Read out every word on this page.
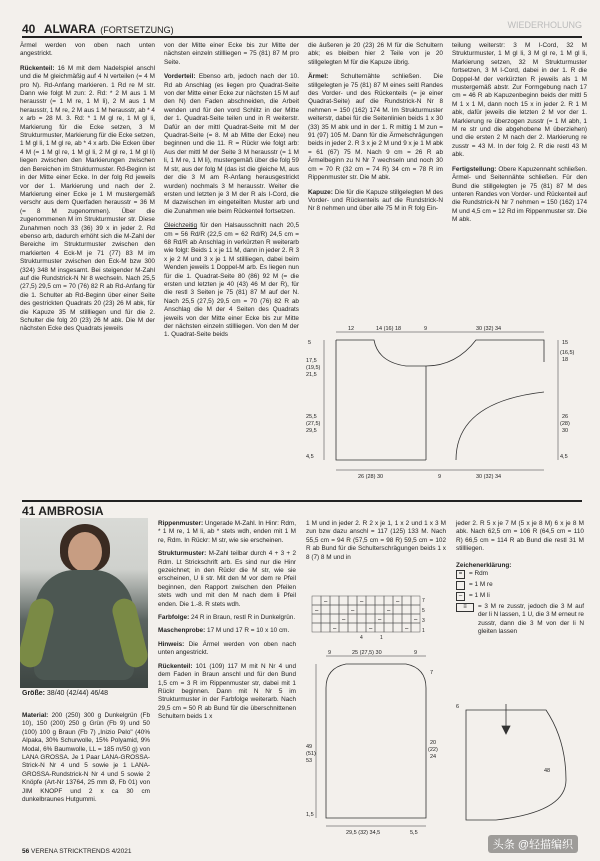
40 ALWARA (FORTSETZUNG)	WIEDERHOLUNG

Ärmel werden von oben nach unten angestrickt.

Rückenteil: 16 M mit dem Nadelspiel anschl und die M gleichmäßig auf 4 N verteilen (= 4 M pro N). Rd-Anfang markieren. 1 Rd re M str. Dann wie folgt M zun: 2. Rd: * 2 M aus 1 M herausstr (= 1 M re, 1 M li), 2 M aus 1 M herausstr, 1 M re, 2 M aus 1 M herausstr, ab * 4 x arb = 28 M. 3. Rd: * 1 M gl re, 1 M gl li, Markierung für die Ecke setzen, 3 M Strukturmuster, Markierung für die Ecke setzen, 1 M gl li, 1 M gl re, ab * 4 x arb. Die Ecken über 4 M (= 1 M gl re, 1 M gl li, 2 M gl re, 1 M gl li) liegen zwischen den Markierungen zwischen den Bereichen im Strukturmuster. Rd-Beginn ist in der Mitte einer Ecke. In der folg Rd jeweils vor der 1. Markierung und nach der 2. Markierung einer Ecke je 1 M mustergemäß verschr aus dem Querfaden herausstr = 36 M (= 8 M zugenommen). Über die zugenommenen M im Strukturmuster str. Diese Zunahmen noch 33 (36) 39 x in jeder 2. Rd ebenso arb, dadurch erhöht sich die M-Zahl der Bereiche im Strukturmuster zwischen den markierten 4 Eck-M je 71 (77) 83 M im Strukturmuster zwischen den Eck-M bzw 300 (324) 348 M insgesamt. Bei steigender M-Zahl auf die Rundstrick-N Nr 8 wechseln. Nach 25,5 (27,5) 29,5 cm = 70 (76) 82 R ab Rd-Anfang für die 1. Schulter ab Rd-Beginn über einer Seite des gestrickten Quadrats 20 (23) 26 M abk, für die Kapuze 35 M stillliegen und für die 2. Schulter die folg 20 (23) 26 M abk. Die M der nächsten Ecke des Quadrats jeweils

von der Mitte einer Ecke bis zur Mitte der nächsten einzeln stillliegen = 75 (81) 87 M pro Seite.

Vorderteil: Ebenso arb, jedoch nach der 10. Rd ab Anschlag (es liegen pro Quadrat-Seite von der Mitte einer Ecke zur nächsten 15 M auf den N) den Faden abschneiden, die Arbeit wenden und für den vord Schlitz in der Mitte der 1. Quadrat-Seite teilen und in R weiterstr. Dafür an der mittl Quadrat-Seite mit M der Quadrat-Seite (= 8. M ab Mitte der Ecke) neu beginnen und die 11. R = Rückr wie folgt arb: Aus der mittl M der Seite 3 M herausstr (= 1 M li, 1 M re, 1 M li), mustergemäß über die folg 59 M str, aus der folg M (das ist die gleiche M, aus der die 3 M am R-Anfang herausgestrickt wurden) nochmals 3 M herausstr. Weiter die ersten und letzten je 3 M der R als I-Cord, die M dazwischen im eingeteilten Muster arb und die Zunahmen wie beim Rückenteil fortsetzen.

Gleichzeitig für den Halsausschnitt nach 20,5 cm = 56 Rd/R (22,5 cm = 62 Rd/R) 24,5 cm = 68 Rd/R ab Anschlag in verkürzten R weiterarb wie folgt: Beids 1 x je 11 M, dann in jeder 2. R 3 x je 2 M und 3 x je 1 M stillliegen, dabei beim Wenden jeweils 1 Doppel-M arb. Es liegen nun für die 1. Quadrat-Seite 80 (86) 92 M (= die ersten und letzten je 40 (43) 46 M der R), für die restl 3 Seiten je 75 (81) 87 M auf der N. Nach 25,5 (27,5) 29,5 cm = 70 (76) 82 R ab Anschlag die M der 4 Seiten des Quadrats jeweils von der Mitte einer Ecke bis zur Mitte der nächsten einzeln stillliegen. Von den M der 1. Quadrat-Seite beids

die äußeren je 20 (23) 26 M für die Schultern abk; es bleiben hier 2 Teile von je 20 stillgelegten M für die Kapuze übrig.

Ärmel: Schulternähte schließen. Die stillgelegten je 75 (81) 87 M eines seitl Randes des Vorder- und des Rückenteils (= je einer Quadrat-Seite) auf die Rundstrick-N Nr 8 nehmen = 150 (162) 174 M. Im Strukturmuster weiterstr, dabei für die Seitenlinien beids 1 x 30 (33) 35 M abk und in der 1. R mittig 1 M zun = 91 (97) 105 M. Dann für die Ärmelschrägungen beids in jeder 2. R 3 x je 2 M und 9 x je 1 M abk = 61 (67) 75 M. Nach 9 cm = 26 R ab Ärmelbeginn zu N Nr 7 wechseln und noch 30 cm = 70 R (32 cm = 74 R) 34 cm = 78 R im Rippenmuster str. Die M abk.

Kapuze: Die für die Kapuze stillgelegten M des Vorder- und Rückenteils auf die Rundstrick-N Nr 8 nehmen und über alle 75 M in R folg Ein-

teilung weiterstr: 3 M I-Cord, 32 M Strukturmuster, 1 M gl li, 3 M gl re, 1 M gl li, Markierung setzen, 32 M Strukturmuster fortsetzen, 3 M I-Cord, dabei in der 1. R die Doppel-M der verkürzten R jeweils als 1 M mustergemäß abstr. Zur Formgebung nach 17 cm = 46 R ab Kapuzenbeginn beids der mittl 5 M 1 x 1 M, dann noch 15 x in jeder 2. R 1 M abk, dafür jeweils die letzten 2 M vor der 1. Markierung re überzogen zusstr (= 1 M abh, 1 M re str und die abgehobene M überziehen) und die ersten 2 M nach der 2. Markierung re zusstr = 43 M. In der folg 2. R die restl 43 M abk.

Fertigstellung: Obere Kapuzennaht schließen. Ärmel- und Seitennähte schließen. Für den Bund die stillgelegten je 75 (81) 87 M des unteren Randes von Vorder- und Rückenteil auf die Rundstrick-N Nr 7 nehmen = 150 (162) 174 M und 4,5 cm = 12 Rd im Rippenmuster str. Die M abk.

12	14 (16) 18	9	30 (32) 34
5
17,5
(19,5)
21,5
25,5
(27,5)
29,5
4,5
15
(16,5)
18
26
(28)
30
4,5
26 (28) 30	9	30 (32) 34
41 AMBROSIA
Größe: 38/40 (42/44) 46/48
Material: 200 (250) 300 g Dunkelgrün (Fb 10), 150 (200) 250 g Grün (Fb 9) und 50 (100) 100 g Braun (Fb 7) „Inizio Pelo" (40% Alpaka, 30% Schurwolle, 15% Polyamid, 9% Modal, 6% Baumwolle, LL = 185 m/50 g) von LANA GROSSA. Je 1 Paar LANA-GROSSA-Strick-N Nr 4 und 5 sowie je 1 LANA-GROSSA-Rundstrick-N Nr 4 und 5 sowie 2 Knöpfe (Art-Nr 13764, 25 mm Ø, Fb 01) von JIM KNOPF und 2 x ca 30 cm dunkelbraunes Hutgummi.

Rippenmuster: Ungerade M-Zahl. In Hinr: Rdm, * 1 M re, 1 M li, ab * stets wdh, enden mit 1 M re, Rdm. In Rückr: M str, wie sie erscheinen.

Strukturmuster: M-Zahl teilbar durch 4 + 3 + 2 Rdm. Lt Strickschrift arb. Es sind nur die Hinr gezeichnet; in den Rückr die M str, wie sie erscheinen, U li str. Mit den M vor dem re Pfeil beginnen, den Rapport zwischen den Pfeilen stets wdh und mit den M nach dem li Pfeil enden. Die 1.-8. R stets wdh.

Farbfolge: 24 R in Braun, restl R in Dunkelgrün.

Maschenprobe: 17 M und 17 R = 10 x 10 cm.

Hinweis: Die Ärmel werden von oben nach unten angestrickt.

Rückenteil: 101 (109) 117 M mit N Nr 4 und dem Faden in Braun anschl und für den Bund 1,5 cm = 3 R im Rippenmuster str, dabei mit 1 Rückr beginnen. Dann mit N Nr 5 im Strukturmuster in der Farbfolge weiterarb. Nach 29,5 cm = 50 R ab Bund für die überschnittenen Schultern beids 1 x

1 M und in jeder 2. R 2 x je 1, 1 x 2 und 1 x 3 M zun bzw dazu anschl = 117 (125) 133 M. Nach 55,5 cm = 94 R (57,5 cm = 98 R) 59,5 cm = 102 R ab Bund für die Schulterschrägungen beids 1 x 8 (7) 8 M und in

–	–	–
–	–	–
–	–	–
–	–	–
7
5
3
1
4	1
9	25 (27,5) 30	9
49
(51)
53
1,5
7
20
(22)
24
29,5 (32) 34,5	5,5

jeder 2. R 5 x je 7 M (5 x je 8 M) 6 x je 8 M abk. Nach 62,5 cm = 106 R (64,5 cm = 110 R) 66,5 cm = 114 R ab Bund die restl 31 M stillliegen.

Zeichenerklärung:
=	= Rdm
= 1 M re
–	= 1 M li
≡	= 3 M re zusstr, jedoch die 3 M auf der li N lassen, 1 U, die 3 M erneut re zusstr, dann die 3 M von der li N gleiten lassen
6
48
56 VERENA STRICKTRENDS 4/2021
头条 @轻描编织
